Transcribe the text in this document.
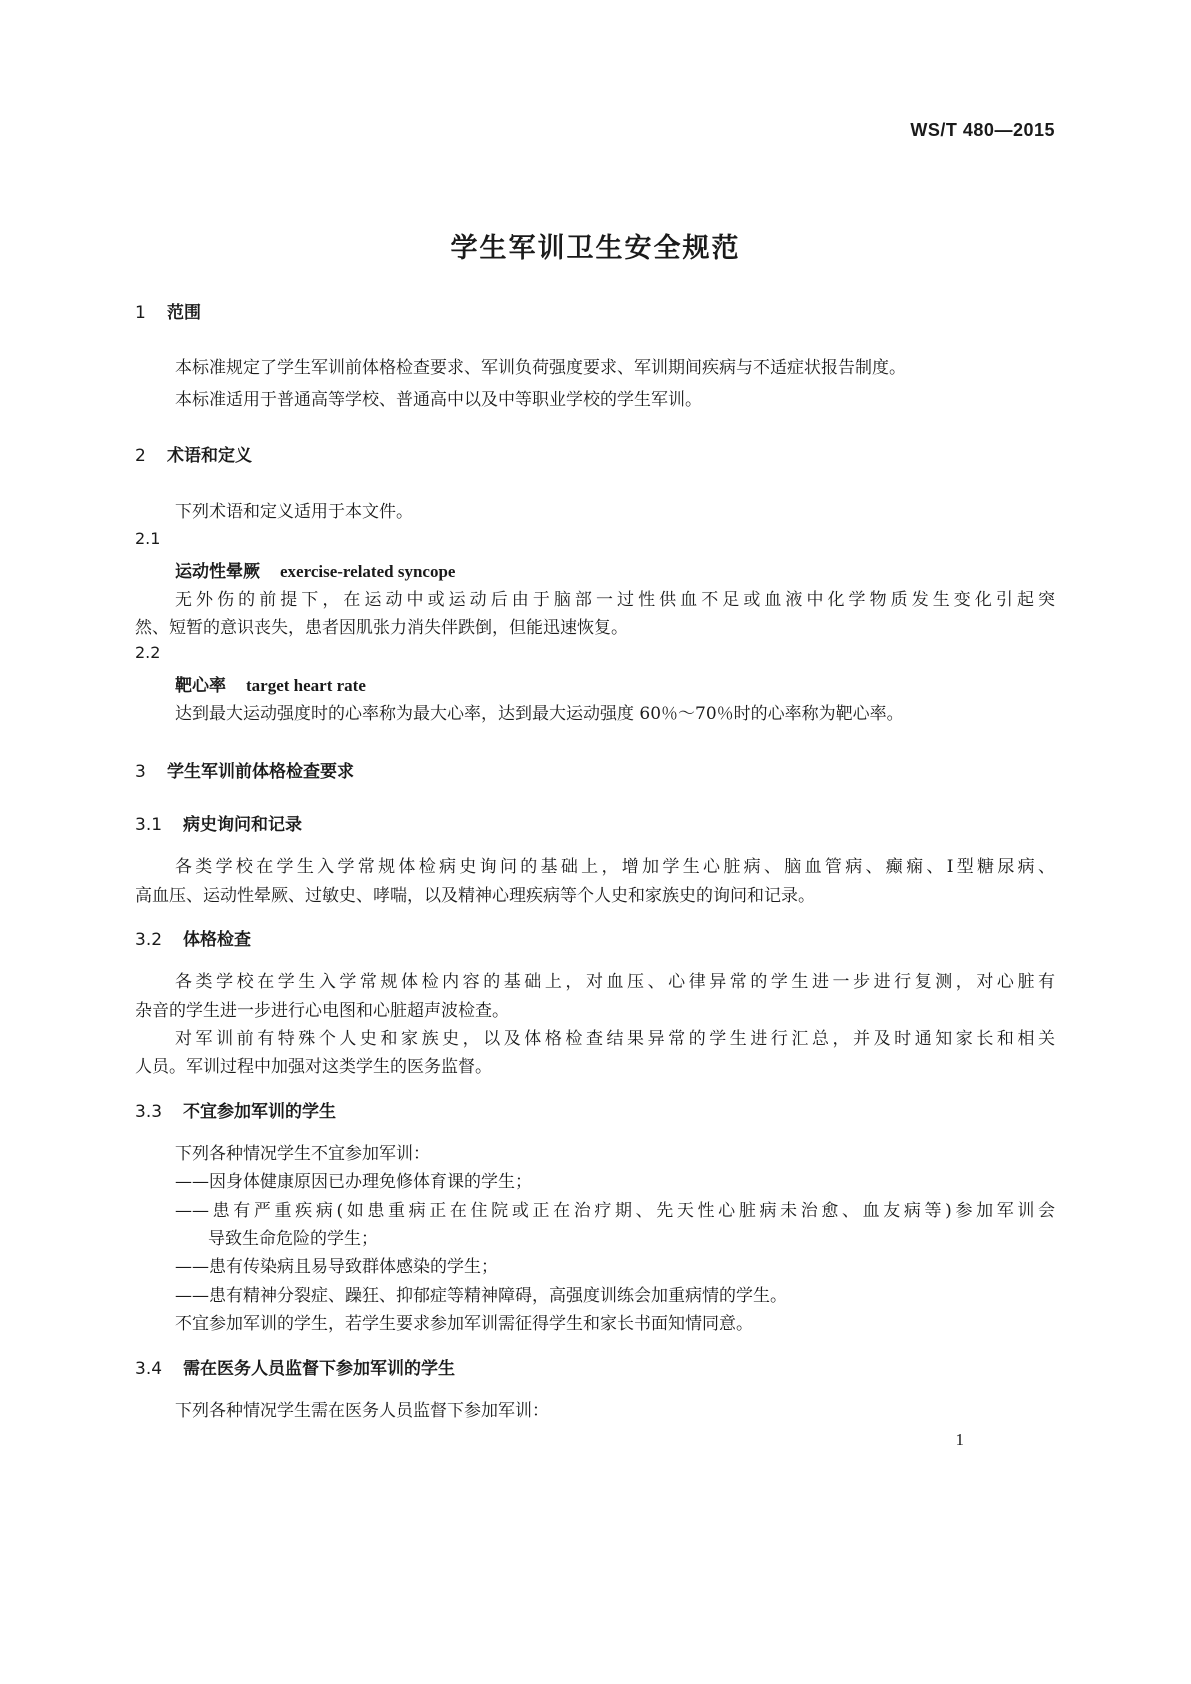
WS/T 480—2015
学生军训卫生安全规范
1 范围
本标准规定了学生军训前体格检查要求、军训负荷强度要求、军训期间疾病与不适症状报告制度。
本标准适用于普通高等学校、普通高中以及中等职业学校的学生军训。
2 术语和定义
下列术语和定义适用于本文件。
2.1
运动性晕厥 exercise-related syncope
无外伤的前提下，在运动中或运动后由于脑部一过性供血不足或血液中化学物质发生变化引起突
然、短暂的意识丧失，患者因肌张力消失伴跌倒，但能迅速恢复。
2.2
靶心率 target heart rate
达到最大运动强度时的心率称为最大心率，达到最大运动强度 60％～70％时的心率称为靶心率。
3 学生军训前体格检查要求
3.1 病史询问和记录
各类学校在学生入学常规体检病史询问的基础上，增加学生心脏病、脑血管病、癫痫、Ⅰ型糖尿病、
高血压、运动性晕厥、过敏史、哮喘，以及精神心理疾病等个人史和家族史的询问和记录。
3.2 体格检查
各类学校在学生入学常规体检内容的基础上，对血压、心律异常的学生进一步进行复测，对心脏有
杂音的学生进一步进行心电图和心脏超声波检查。
对军训前有特殊个人史和家族史，以及体格检查结果异常的学生进行汇总，并及时通知家长和相关
人员。军训过程中加强对这类学生的医务监督。
3.3 不宜参加军训的学生
下列各种情况学生不宜参加军训：
——因身体健康原因已办理免修体育课的学生；
——患有严重疾病(如患重病正在住院或正在治疗期、先天性心脏病未治愈、血友病等)参加军训会
导致生命危险的学生；
——患有传染病且易导致群体感染的学生；
——患有精神分裂症、躁狂、抑郁症等精神障碍，高强度训练会加重病情的学生。
不宜参加军训的学生，若学生要求参加军训需征得学生和家长书面知情同意。
3.4 需在医务人员监督下参加军训的学生
下列各种情况学生需在医务人员监督下参加军训：
1
